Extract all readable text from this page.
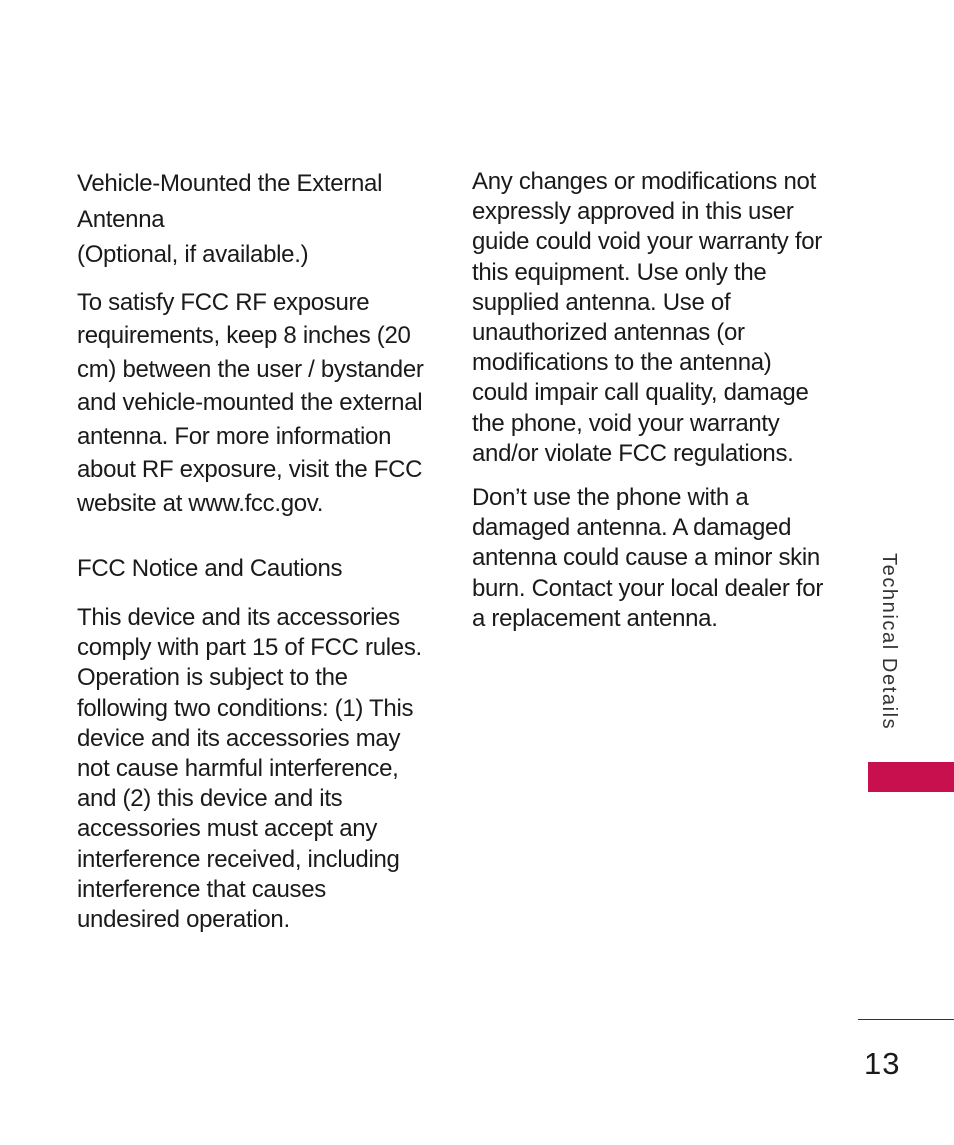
Vehicle-Mounted the External
Antenna
(Optional, if available.)

To satisfy FCC RF exposure requirements, keep 8 inches (20 cm) between the user / bystander and vehicle-mounted the external antenna. For more information about RF exposure, visit the FCC website at www.fcc.gov.

FCC Notice and Cautions

This device and its accessories comply with part 15 of FCC rules. Operation is subject to the following two conditions: (1) This device and its accessories may not cause harmful interference, and (2) this device and its accessories must accept any interference received, including interference that causes undesired operation.

Any changes or modifications not expressly approved in this user guide could void your warranty for this equipment. Use only the supplied antenna. Use of unauthorized antennas (or modifications to the antenna) could impair call quality, damage the phone, void your warranty and/or violate FCC regulations.

Don’t use the phone with a damaged antenna. A damaged antenna could cause a minor skin burn. Contact your local dealer for a replacement antenna.	Technical Details
13
